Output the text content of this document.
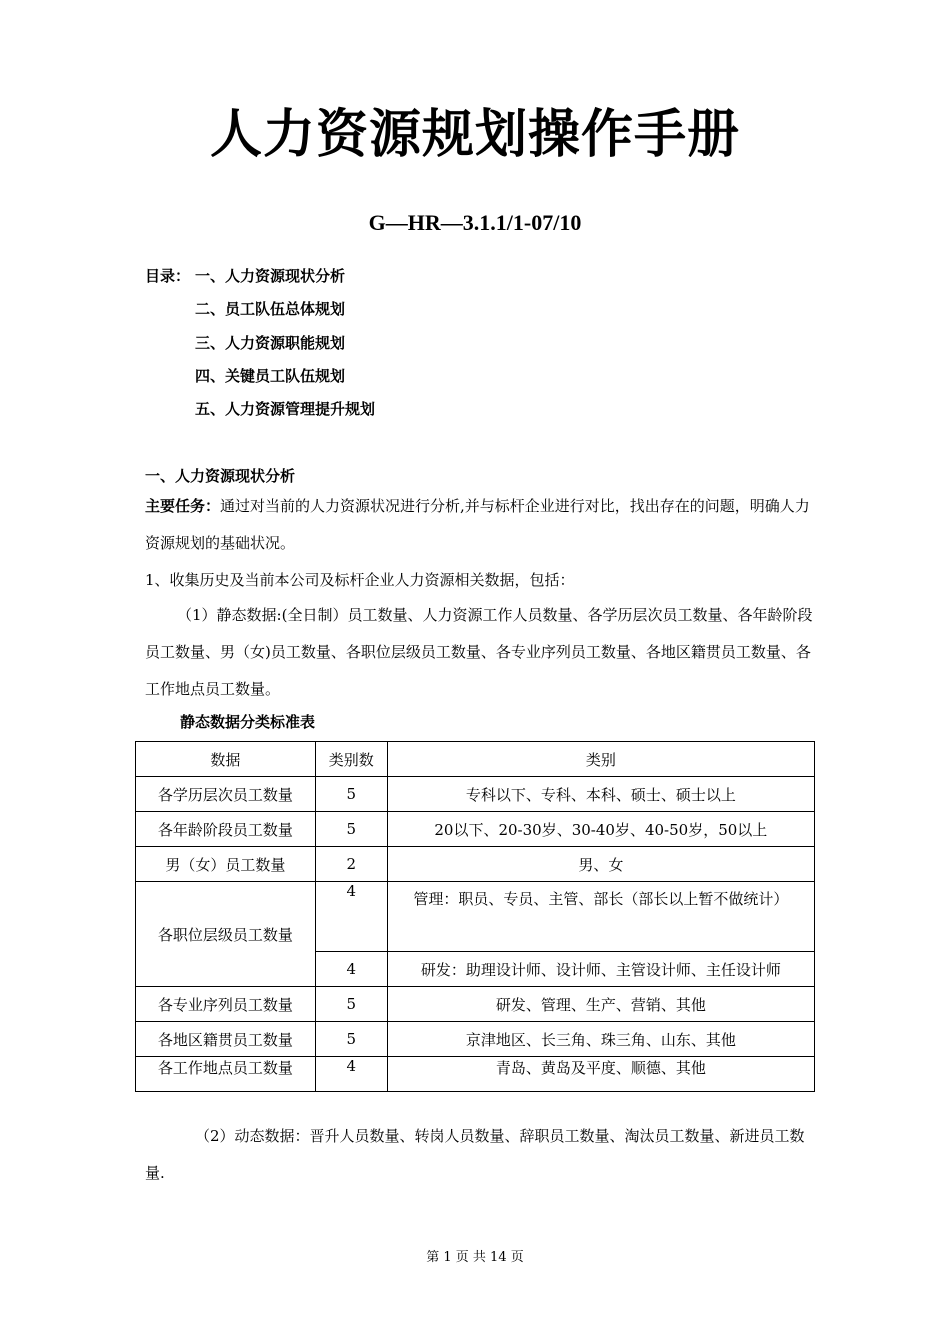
人力资源规划操作手册
G—HR—3.1.1/1-07/10
目录： 一、人力资源现状分析
二、员工队伍总体规划
三、人力资源职能规划
四、关键员工队伍规划
五、人力资源管理提升规划
一、人力资源现状分析
主要任务：通过对当前的人力资源状况进行分析,并与标杆企业进行对比，找出存在的问题，明确人力资源规划的基础状况。
1、收集历史及当前本公司及标杆企业人力资源相关数据，包括：
（1）静态数据:(全日制）员工数量、人力资源工作人员数量、各学历层次员工数量、各年龄阶段员工数量、男（女)员工数量、各职位层级员工数量、各专业序列员工数量、各地区籍贯员工数量、各工作地点员工数量。
静态数据分类标准表
数据	类别数	类别
各学历层次员工数量	5	专科以下、专科、本科、硕士、硕士以上
各年龄阶段员工数量	5	20以下、20-30岁、30-40岁、40-50岁，50以上
男（女）员工数量	2	男、女
各职位层级员工数量	4	管理：职员、专员、主管、部长（部长以上暂不做统计）
	4	研发：助理设计师、设计师、主管设计师、主任设计师
各专业序列员工数量	5	研发、管理、生产、营销、其他
各地区籍贯员工数量	5	京津地区、长三角、珠三角、山东、其他
各工作地点员工数量	4	青岛、黄岛及平度、顺德、其他
（2）动态数据：晋升人员数量、转岗人员数量、辞职员工数量、淘汰员工数量、新进员工数量.
第 1 页 共 14 页
